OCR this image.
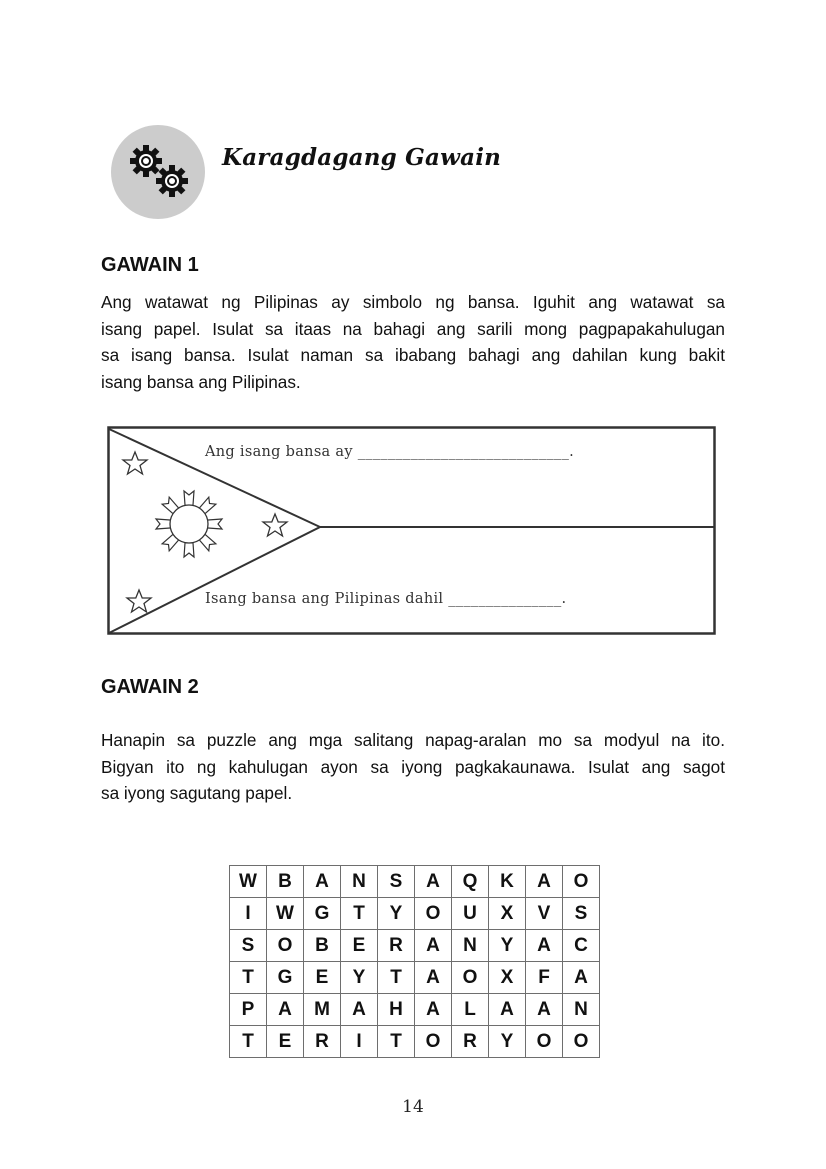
Karagdagang Gawain
GAWAIN 1
Ang watawat ng Pilipinas ay simbolo ng bansa. Iguhit ang watawat sa
isang papel. Isulat sa itaas na bahagi ang sarili mong pagpapakahulugan
sa isang bansa. Isulat naman sa ibabang bahagi ang dahilan kung bakit
isang bansa ang Pilipinas.
Ang isang bansa ay ____________________________.
Isang bansa ang Pilipinas dahil _______________.
GAWAIN 2
Hanapin sa puzzle ang mga salitang napag-aralan mo sa modyul na ito.
Bigyan ito ng kahulugan ayon sa iyong pagkakaunawa. Isulat ang sagot
sa iyong sagutang papel.
W	B	A	N	S	A	Q	K	A	O
I	W	G	T	Y	O	U	X	V	S
S	O	B	E	R	A	N	Y	A	C
T	G	E	Y	T	A	O	X	F	A
P	A	M	A	H	A	L	A	A	N
T	E	R	I	T	O	R	Y	O	O
14
